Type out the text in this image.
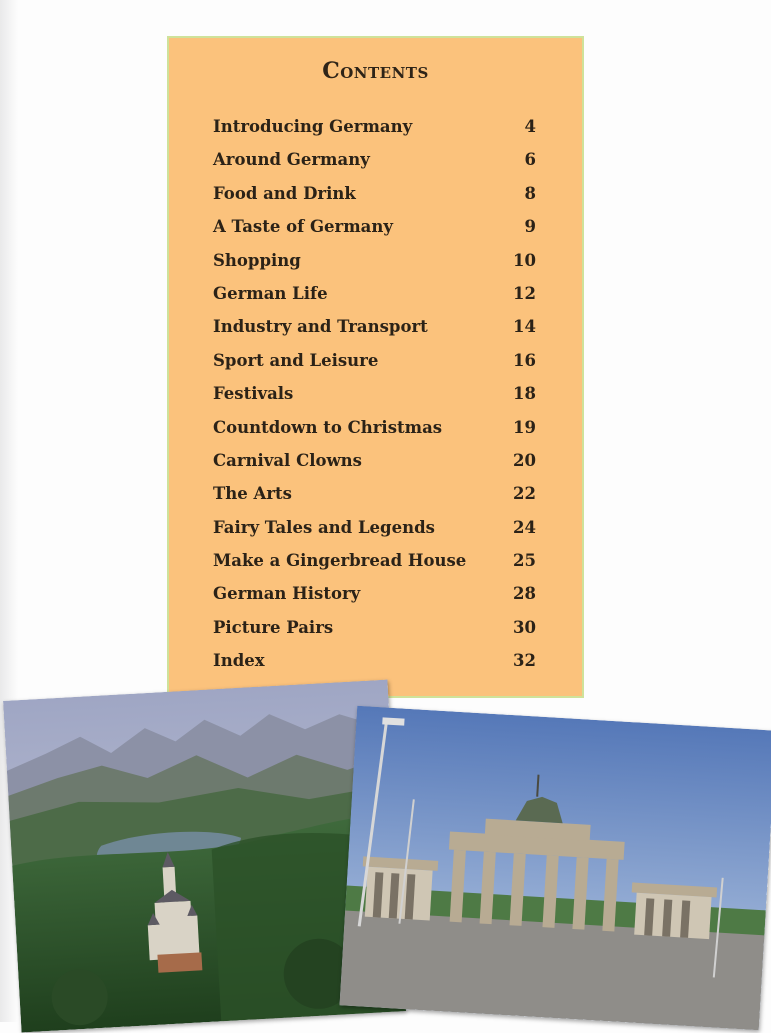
Contents
Introducing Germany	4
Around Germany	6
Food and Drink	8
A Taste of Germany	9
Shopping	10
German Life	12
Industry and Transport	14
Sport and Leisure	16
Festivals	18
Countdown to Christmas	19
Carnival Clowns	20
The Arts	22
Fairy Tales and Legends	24
Make a Gingerbread House	25
German History	28
Picture Pairs	30
Index	32
